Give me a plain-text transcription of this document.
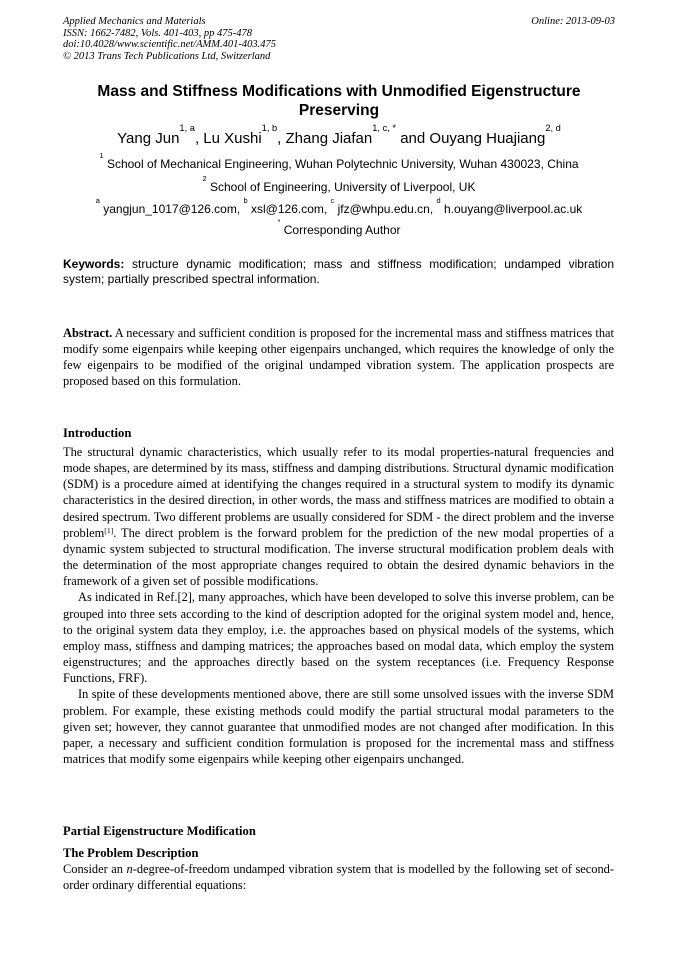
Applied Mechanics and Materials
ISSN: 1662-7482, Vols. 401-403, pp 475-478
doi:10.4028/www.scientific.net/AMM.401-403.475
© 2013 Trans Tech Publications Ltd, Switzerland
Online: 2013-09-03
Mass and Stiffness Modifications with Unmodified Eigenstructure Preserving
Yang Jun$^{1, a}$, Lu Xushi$^{1, b}$, Zhang Jiafan$^{1, c, *}$ and Ouyang Huajiang$^{2, d}$
$^1$ School of Mechanical Engineering, Wuhan Polytechnic University, Wuhan 430023, China
$^2$ School of Engineering, University of Liverpool, UK
$^a$ yangjun_1017@126.com, $^b$ xsl@126.com, $^c$ jfz@whpu.edu.cn, $^d$ h.ouyang@liverpool.ac.uk
* Corresponding Author
Keywords: structure dynamic modification; mass and stiffness modification; undamped vibration system; partially prescribed spectral information.
Abstract. A necessary and sufficient condition is proposed for the incremental mass and stiffness matrices that modify some eigenpairs while keeping other eigenpairs unchanged, which requires the knowledge of only the few eigenpairs to be modified of the original undamped vibration system. The application prospects are proposed based on this formulation.
Introduction

The structural dynamic characteristics, which usually refer to its modal properties-natural frequencies and mode shapes, are determined by its mass, stiffness and damping distributions. Structural dynamic modification (SDM) is a procedure aimed at identifying the changes required in a structural system to modify its dynamic characteristics in the desired direction, in other words, the mass and stiffness matrices are modified to obtain a desired spectrum. Two different problems are usually considered for SDM - the direct problem and the inverse problem[1]. The direct problem is the forward problem for the prediction of the new modal properties of a dynamic system subjected to structural modification. The inverse structural modification problem deals with the determination of the most appropriate changes required to obtain the desired dynamic behaviors in the framework of a given set of possible modifications.

As indicated in Ref.[2], many approaches, which have been developed to solve this inverse problem, can be grouped into three sets according to the kind of description adopted for the original system model and, hence, to the original system data they employ, i.e. the approaches based on physical models of the systems, which employ mass, stiffness and damping matrices; the approaches based on modal data, which employ the system eigenstructures; and the approaches directly based on the system receptances (i.e. Frequency Response Functions, FRF).

In spite of these developments mentioned above, there are still some unsolved issues with the inverse SDM problem. For example, these existing methods could modify the partial structural modal parameters to the given set; however, they cannot guarantee that unmodified modes are not changed after modification. In this paper, a necessary and sufficient condition formulation is proposed for the incremental mass and stiffness matrices that modify some eigenpairs while keeping other eigenpairs unchanged.

Partial Eigenstructure Modification
The Problem Description

Consider an n-degree-of-freedom undamped vibration system that is modelled by the following set of second-order ordinary differential equations:
